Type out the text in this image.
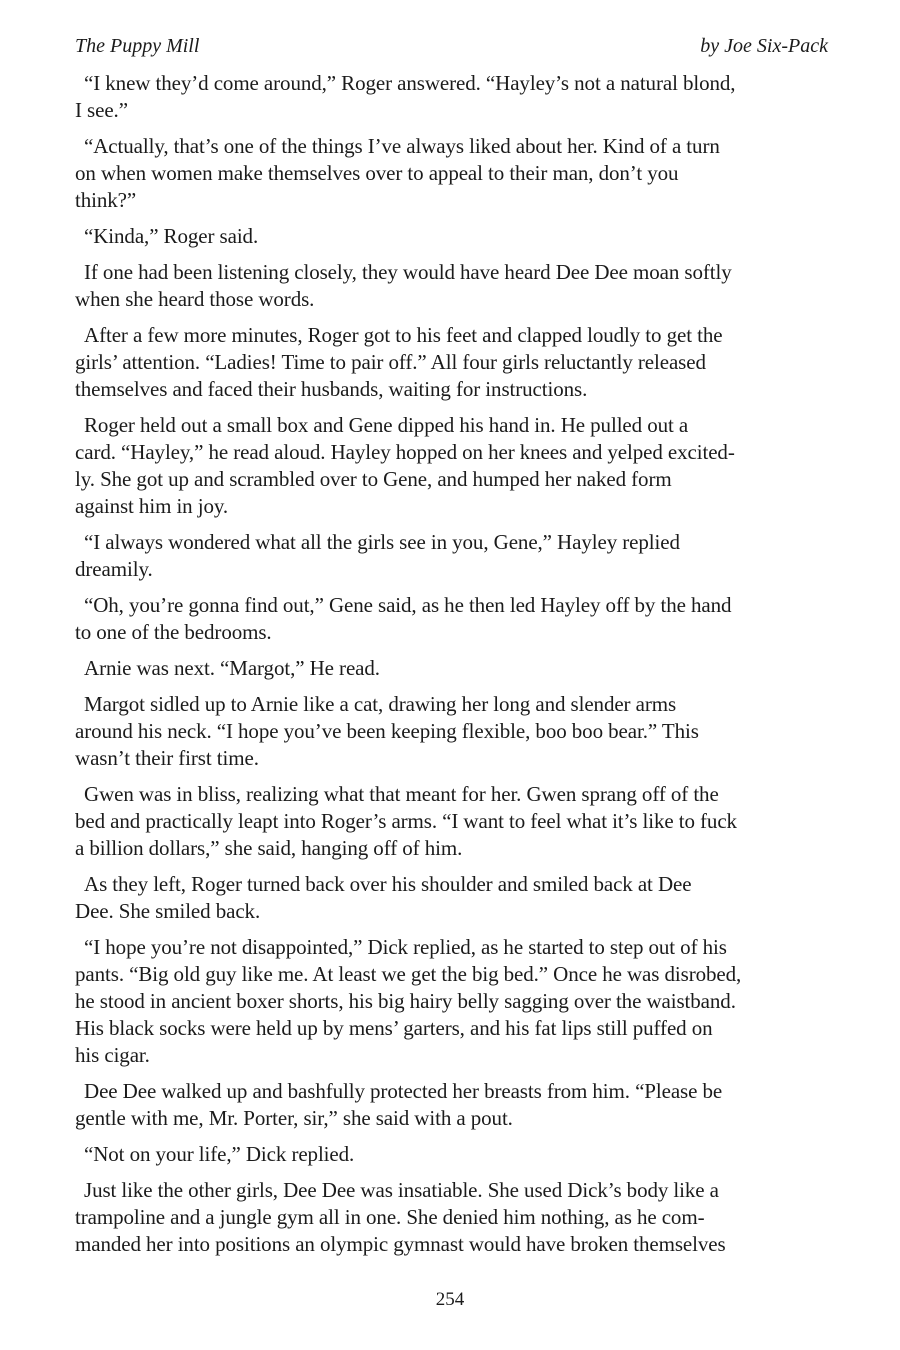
The Puppy Mill	by Joe Six-Pack
“I knew they’d come around,” Roger answered. “Hayley’s not a natural blond,
I see.”
“Actually, that’s one of the things I’ve always liked about her. Kind of a turn
on when women make themselves over to appeal to their man, don’t you
think?”
“Kinda,” Roger said.
If one had been listening closely, they would have heard Dee Dee moan softly
when she heard those words.
After a few more minutes, Roger got to his feet and clapped loudly to get the
girls’ attention. “Ladies! Time to pair off.” All four girls reluctantly released
themselves and faced their husbands, waiting for instructions.
Roger held out a small box and Gene dipped his hand in. He pulled out a
card. “Hayley,” he read aloud. Hayley hopped on her knees and yelped excited-
ly. She got up and scrambled over to Gene, and humped her naked form
against him in joy.
“I always wondered what all the girls see in you, Gene,” Hayley replied
dreamily.
“Oh, you’re gonna find out,” Gene said, as he then led Hayley off by the hand
to one of the bedrooms.
Arnie was next. “Margot,” He read.
Margot sidled up to Arnie like a cat, drawing her long and slender arms
around his neck. “I hope you’ve been keeping flexible, boo boo bear.” This
wasn’t their first time.
Gwen was in bliss, realizing what that meant for her. Gwen sprang off of the
bed and practically leapt into Roger’s arms. “I want to feel what it’s like to fuck
a billion dollars,” she said, hanging off of him.
As they left, Roger turned back over his shoulder and smiled back at Dee
Dee. She smiled back.
“I hope you’re not disappointed,” Dick replied, as he started to step out of his
pants. “Big old guy like me. At least we get the big bed.” Once he was disrobed,
he stood in ancient boxer shorts, his big hairy belly sagging over the waistband.
His black socks were held up by mens’ garters, and his fat lips still puffed on
his cigar.
Dee Dee walked up and bashfully protected her breasts from him. “Please be
gentle with me, Mr. Porter, sir,” she said with a pout.
“Not on your life,” Dick replied.
Just like the other girls, Dee Dee was insatiable. She used Dick’s body like a
trampoline and a jungle gym all in one. She denied him nothing, as he com-
manded her into positions an olympic gymnast would have broken themselves
254
